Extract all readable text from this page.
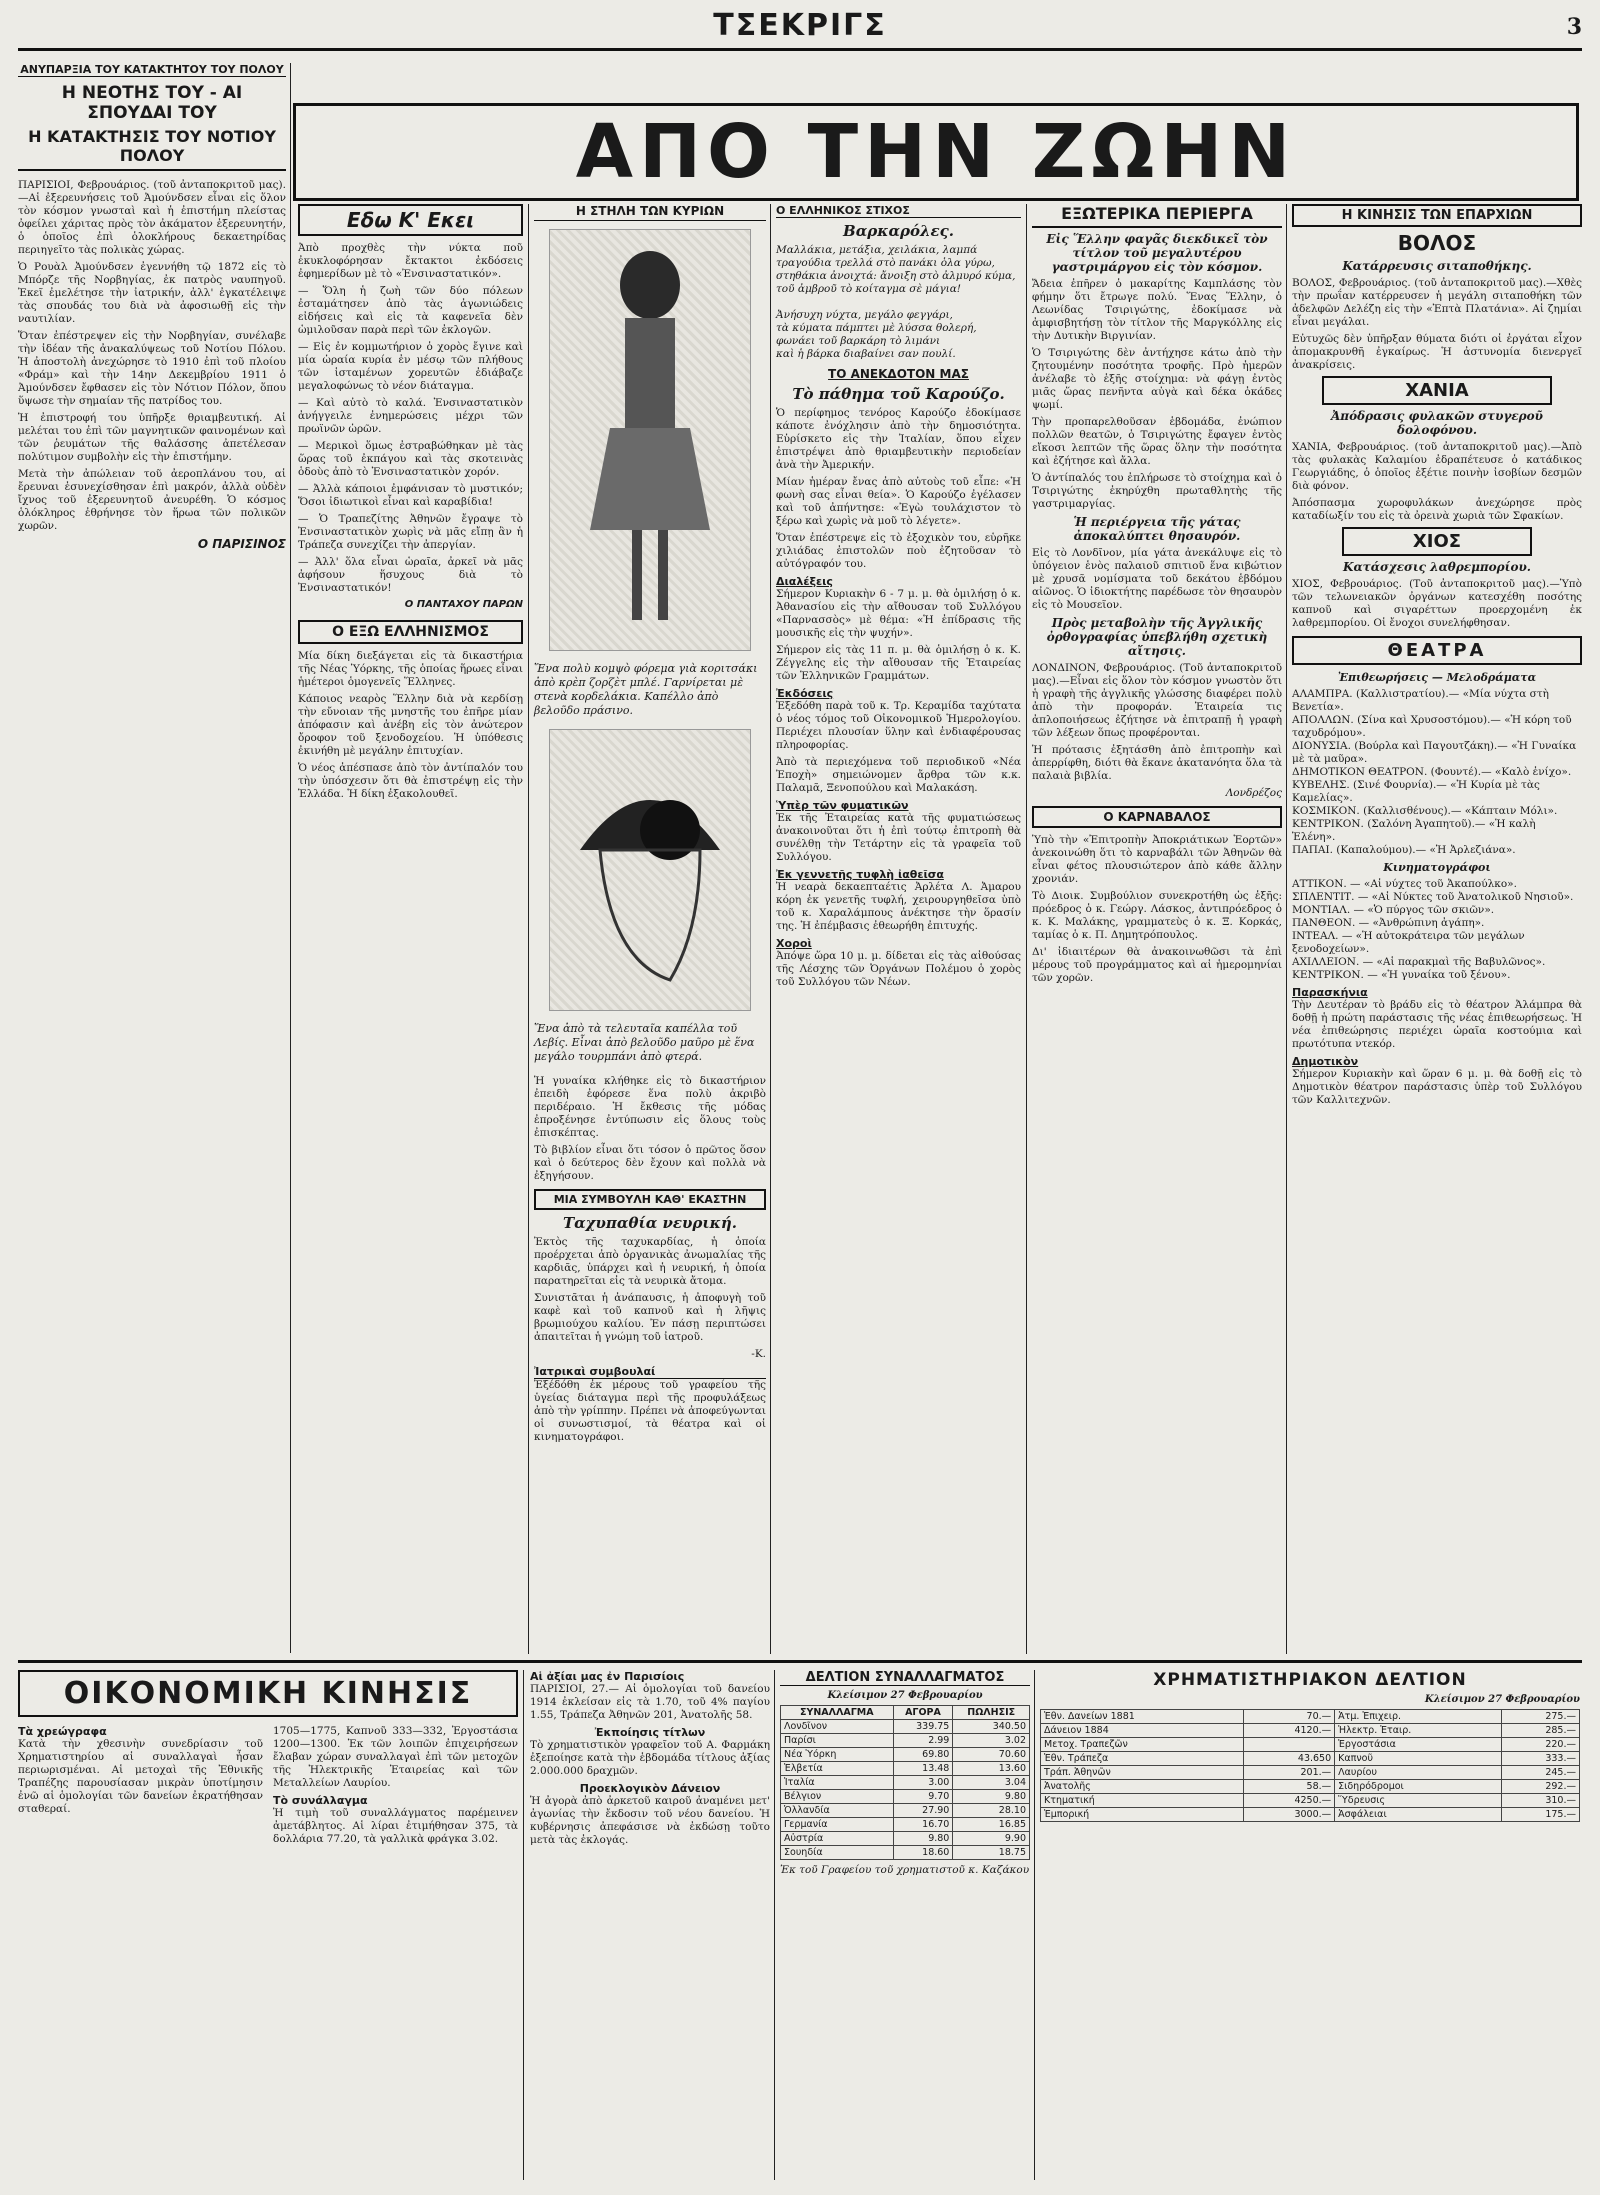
ΤΣΕΚΡΙΓΣ	3
ΑΠΟ ΤΗΝ ΖΩΗΝ
ΑΝΥΠΑΡΞΙΑ ΤΟΥ ΚΑΤΑΚΤΗΤΟΥ ΤΟΥ ΠΟΛΟΥ
Η ΝΕΟΤΗΣ ΤΟΥ - ΑΙ ΣΠΟΥΔΑΙ ΤΟΥ
Η ΚΑΤΑΚΤΗΣΙΣ ΤΟΥ ΝΟΤΙΟΥ ΠΟΛΟΥ

ΠΑΡΙΣΙΟΙ, Φεβρουάριος. (τοῦ ἀνταποκριτοῦ μας).—Αἱ ἐξερευνήσεις τοῦ Ἀμούνδσεν εἶναι εἰς ὅλον τὸν κόσμον γνωσταὶ καὶ ἡ ἐπιστήμη πλείστας ὀφείλει χάριτας πρὸς τὸν ἀκάματον ἐξερευνητήν, ὁ ὁποῖος ἐπὶ ὁλοκλήρους δεκαετηρίδας περιηγεῖτο τὰς πολικὰς χώρας.

Ὁ Ρουὰλ Ἀμούνδσεν ἐγεννήθη τῷ 1872 εἰς τὸ Μπόρζε τῆς Νορβηγίας, ἐκ πατρὸς ναυπηγοῦ. Ἐκεῖ ἐμελέτησε τὴν ἰατρικήν, ἀλλ' ἐγκατέλειψε τὰς σπουδάς του διὰ νὰ ἀφοσιωθῇ εἰς τὴν ναυτιλίαν.

Ὅταν ἐπέστρεψεν εἰς τὴν Νορβηγίαν, συνέλαβε τὴν ἰδέαν τῆς ἀνακαλύψεως τοῦ Νοτίου Πόλου. Ἡ ἀποστολὴ ἀνεχώρησε τὸ 1910 ἐπὶ τοῦ πλοίου «Φράμ» καὶ τὴν 14ην Δεκεμβρίου 1911 ὁ Ἀμούνδσεν ἔφθασεν εἰς τὸν Νότιον Πόλον, ὅπου ὕψωσε τὴν σημαίαν τῆς πατρίδος του.

Ἡ ἐπιστροφή του ὑπῆρξε θριαμβευτική. Αἱ μελέται του ἐπὶ τῶν μαγνητικῶν φαινομένων καὶ τῶν ῥευμάτων τῆς θαλάσσης ἀπετέλεσαν πολύτιμον συμβολὴν εἰς τὴν ἐπιστήμην.

Μετὰ τὴν ἀπώλειαν τοῦ ἀεροπλάνου του, αἱ ἔρευναι ἐσυνεχίσθησαν ἐπὶ μακρόν, ἀλλὰ οὐδὲν ἴχνος τοῦ ἐξερευνητοῦ ἀνευρέθη. Ὁ κόσμος ὁλόκληρος ἐθρήνησε τὸν ἥρωα τῶν πολικῶν χωρῶν.

Ο ΠΑΡΙΣΙΝΟΣ
Εδω Κ' Εκει

Ἀπὸ προχθὲς τὴν νύκτα ποῦ ἐκυκλοφόρησαν ἔκτακτοι ἐκδόσεις ἐφημερίδων μὲ τὸ «Ἐνσιναστατικόν».

— Ὅλη ἡ ζωὴ τῶν δύο πόλεων ἐσταμάτησεν ἀπὸ τὰς ἀγωνιώδεις εἰδήσεις καὶ εἰς τὰ καφενεῖα δὲν ὡμιλοῦσαν παρὰ περὶ τῶν ἐκλογῶν.

— Εἰς ἐν κομμωτήριον ὁ χορὸς ἔγινε καὶ μία ὡραία κυρία ἐν μέσῳ τῶν πλήθους τῶν ἱσταμένων χορευτῶν ἐδιάβαζε μεγαλοφώνως τὸ νέον διάταγμα.

— Καὶ αὐτὸ τὸ καλά. Ἐνσιναστατικὸν ἀνήγγειλε ἐνημερώσεις μέχρι τῶν πρωϊνῶν ὡρῶν.

— Μερικοὶ ὅμως ἐστραβώθηκαν μὲ τὰς ὥρας τοῦ ἐκπάγου καὶ τὰς σκοτεινὰς ὁδοὺς ἀπὸ τὸ Ἐνσιναστατικὸν χορόν.

— Ἀλλὰ κάποιοι ἐμφάνισαν τὸ μυστικόν; Ὅσοι ἰδιωτικοὶ εἶναι καὶ καραβίδια!

— Ὁ Τραπεζίτης Ἀθηνῶν ἔγραψε τὸ Ἐνσιναστατικὸν χωρὶς νὰ μᾶς εἴπῃ ἂν ἡ Τράπεζα συνεχίζει τὴν ἀπεργίαν.

— Ἀλλ' ὅλα εἶναι ὡραῖα, ἀρκεῖ νὰ μᾶς ἀφήσουν ἥσυχους διὰ τὸ Ἐνσιναστατικόν!

Ο ΠΑΝΤΑΧΟΥ ΠΑΡΩΝ
Ο ΕΞΩ ΕΛΛΗΝΙΣΜΟΣ

Μία δίκη διεξάγεται εἰς τὰ δικαστήρια τῆς Νέας Ὑόρκης, τῆς ὁποίας ἥρωες εἶναι ἡμέτεροι ὁμογενεῖς Ἕλληνες.

Κάποιος νεαρὸς Ἕλλην διὰ νὰ κερδίσῃ τὴν εὔνοιαν τῆς μνηστῆς του ἐπῆρε μίαν ἀπόφασιν καὶ ἀνέβη εἰς τὸν ἀνώτερον ὄροφον τοῦ ξενοδοχείου. Ἡ ὑπόθεσις ἐκινήθη μὲ μεγάλην ἐπιτυχίαν.

Ὁ νέος ἀπέσπασε ἀπὸ τὸν ἀντίπαλόν του τὴν ὑπόσχεσιν ὅτι θὰ ἐπιστρέψῃ εἰς τὴν Ἑλλάδα. Ἡ δίκη ἐξακολουθεῖ.

Η ΣΤΗΛΗ ΤΩΝ ΚΥΡΙΩΝ

Ἕνα πολὺ κομψὸ φόρεμα γιὰ κοριτσάκι ἀπὸ κρὲπ ζορζὲτ μπλέ. Γαρνίρεται μὲ στενὰ κορδελάκια. Καπέλλο ἀπὸ βελοῦδο πράσινο.

Ἕνα ἀπὸ τὰ τελευταῖα καπέλλα τοῦ Λεβίς. Εἶναι ἀπὸ βελοῦδο μαῦρο μὲ ἕνα μεγάλο τουρμπάνι ἀπὸ φτερά.

Ἡ γυναίκα κλήθηκε εἰς τὸ δικαστήριον ἐπειδὴ ἐφόρεσε ἕνα πολὺ ἀκριβὸ περιδέραιο. Ἡ ἔκθεσις τῆς μόδας ἐπροξένησε ἐντύπωσιν εἰς ὅλους τοὺς ἐπισκέπτας.

Τὸ βιβλίον εἶναι ὅτι τόσον ὁ πρῶτος ὅσον καὶ ὁ δεύτερος δὲν ἔχουν καὶ πολλὰ νὰ ἐξηγήσουν.

ΜΙΑ ΣΥΜΒΟΥΛΗ ΚΑΘ' ΕΚΑΣΤΗΝ
Ταχυπαθία νευρική.

Ἐκτὸς τῆς ταχυκαρδίας, ἡ ὁποία προέρχεται ἀπὸ ὀργανικὰς ἀνωμαλίας τῆς καρδιᾶς, ὑπάρχει καὶ ἡ νευρική, ἡ ὁποία παρατηρεῖται εἰς τὰ νευρικὰ ἄτομα.

Συνιστᾶται ἡ ἀνάπαυσις, ἡ ἀποφυγὴ τοῦ καφὲ καὶ τοῦ καπνοῦ καὶ ἡ λῆψις βρωμιούχου καλίου. Ἐν πάσῃ περιπτώσει ἀπαιτεῖται ἡ γνώμη τοῦ ἰατροῦ.

-Κ.
Ἰατρικαὶ συμβουλαί

Ἐξέδόθη ἐκ μέρους τοῦ γραφείου τῆς ὑγείας διάταγμα περὶ τῆς προφυλάξεως ἀπὸ τὴν γρίππην. Πρέπει νὰ ἀποφεύγωνται οἱ συνωστισμοί, τὰ θέατρα καὶ οἱ κινηματογράφοι.

Ο ΕΛΛΗΝΙΚΟΣ ΣΤΙΧΟΣ
Βαρκαρόλες.

Μαλλάκια, μετάξια, χειλάκια, λαμπά
τραγούδια τρελλά στὸ πανάκι ὁλα γύρω,
στηθάκια ἀνοιχτά: ἄνοιξη στὸ ἀλμυρό κύμα,
τοῦ ἀμβροῦ τὸ κοίταγμα σὲ μάγια!

Ἀνήσυχη νύχτα, μεγάλο φεγγάρι,
τὰ κύματα πάμπτει μὲ λύσσα θολερή,
φωνάει τοῦ βαρκάρη τὸ λιμάνι
καὶ ἡ βάρκα διαβαίνει σαν πουλί.

ΤΟ ΑΝΕΚΔΟΤΟΝ ΜΑΣ
Τὸ πάθημα τοῦ Καρούζο.

Ὁ περίφημος τενόρος Καρούζο ἐδοκίμασε κάποτε ἐνόχλησιν ἀπὸ τὴν δημοσιότητα. Εὑρίσκετο εἰς τὴν Ἰταλίαν, ὅπου εἶχεν ἐπιστρέψει ἀπὸ θριαμβευτικὴν περιοδείαν ἀνὰ τὴν Ἀμερικήν.

Μίαν ἡμέραν ἔνας ἀπὸ αὐτοὺς τοῦ εἶπε: «Ἡ φωνὴ σας εἶναι θεία». Ὁ Καρούζο ἐγέλασεν καὶ τοῦ ἀπήντησε: «Ἐγὼ τουλάχιστον τὸ ξέρω καὶ χωρὶς νὰ μοῦ τὸ λέγετε».

Ὅταν ἐπέστρεψε εἰς τὸ ἐξοχικὸν του, εὑρῆκε χιλιάδας ἐπιστολῶν ποὺ ἐζητοῦσαν τὸ αὐτόγραφόν του.

Διαλέξεις

Σήμερον Κυριακὴν 6 - 7 μ. μ. θὰ ὁμιλήσῃ ὁ κ. Ἀθανασίου εἰς τὴν αἴθουσαν τοῦ Συλλόγου «Παρνασσὸς» μὲ θέμα: «Ἡ ἐπίδρασις τῆς μουσικῆς εἰς τὴν ψυχήν».

Σήμερον εἰς τὰς 11 π. μ. θὰ ὁμιλήσῃ ὁ κ. Κ. Ζέγγελης εἰς τὴν αἴθουσαν τῆς Ἑταιρείας τῶν Ἑλληνικῶν Γραμμάτων.

Ἐκδόσεις

Ἐξεδόθη παρὰ τοῦ κ. Τρ. Κεραμίδα ταχύτατα ὁ νέος τόμος τοῦ Οἰκονομικοῦ Ἡμερολογίου. Περιέχει πλουσίαν ὕλην καὶ ἐνδιαφέρουσας πληροφορίας.

Ἀπὸ τὰ περιεχόμενα τοῦ περιοδικοῦ «Νέα Ἐποχὴ» σημειώνομεν ἄρθρα τῶν κ.κ. Παλαμᾶ, Ξενοπούλου καὶ Μαλακάση.

Ὑπὲρ τῶν φυματικῶν

Ἐκ τῆς Ἐταιρείας κατὰ τῆς φυματιώσεως ἀνακοινοῦται ὅτι ἡ ἐπὶ τούτῳ ἐπιτροπὴ θὰ συνέλθῃ τὴν Τετάρτην εἰς τὰ γραφεῖα τοῦ Συλλόγου.

Ἐκ γεννετῆς τυφλὴ ἰαθεῖσα

Ἡ νεαρὰ δεκαεπταέτις Ἀρλέτα Λ. Ἀμαρου κόρη ἐκ γενετῆς τυφλή, χειρουργηθεῖσα ὑπὸ τοῦ κ. Χαραλάμπους ἀνέκτησε τὴν ὅρασίν της. Ἡ ἐπέμβασις ἐθεωρήθη ἐπιτυχής.

Χοροὶ

Ἀπόψε ὥρα 10 μ. μ. δίδεται εἰς τὰς αἰθούσας τῆς Λέσχης τῶν Ὀργάνων Πολέμου ὁ χορὸς τοῦ Συλλόγου τῶν Νέων.

ΕΞΩΤΕΡΙΚΑ ΠΕΡΙΕΡΓΑ
Εἰς Ἕλλην φαγᾶς διεκδικεῖ τὸν τίτλον τοῦ μεγαλυτέρου γαστριμάργου εἰς τὸν κόσμον.

Ἄδεια ἐπῆρεν ὁ μακαρίτης Καμπλάσης τὸν φήμην ὅτι ἔτρωγε πολύ. Ἕνας Ἕλλην, ὁ Λεωνίδας Τσιριγώτης, ἐδοκίμασε νὰ ἀμφισβητήσῃ τὸν τίτλον τῆς Μαργκόλλης εἰς τὴν Δυτικὴν Βιργινίαν.

Ὁ Τσιριγώτης δὲν ἀντήχησε κάτω ἀπὸ τὴν ζητουμένην ποσότητα τροφῆς. Πρὸ ἡμερῶν ἀνέλαβε τὸ ἑξῆς στοίχημα: νὰ φάγῃ ἐντὸς μιᾶς ὥρας πενῆντα αὐγὰ καὶ δέκα ὀκάδες ψωμί.

Τὴν προπαρελθοῦσαν ἑβδομάδα, ἐνώπιον πολλῶν θεατῶν, ὁ Τσιριγώτης ἔφαγεν ἐντὸς εἴκοσι λεπτῶν τῆς ὥρας ὅλην τὴν ποσότητα καὶ ἐζήτησε καὶ ἄλλα.

Ὁ ἀντίπαλός του ἐπλήρωσε τὸ στοίχημα καὶ ὁ Τσιριγώτης ἐκηρύχθη πρωταθλητὴς τῆς γαστριμαργίας.

Ἡ περιέργεια τῆς γάτας ἀποκαλύπτει θησαυρόν.

Εἰς τὸ Λονδῖνον, μία γάτα ἀνεκάλυψε εἰς τὸ ὑπόγειον ἑνὸς παλαιοῦ σπιτιοῦ ἕνα κιβώτιον μὲ χρυσᾶ νομίσματα τοῦ δεκάτου ἑβδόμου αἰῶνος. Ὁ ἰδιοκτήτης παρέδωσε τὸν θησαυρὸν εἰς τὸ Μουσεῖον.

Πρὸς μεταβολὴν τῆς Ἀγγλικῆς ὀρθογραφίας ὑπεβλήθη σχετικὴ αἴτησις.

ΛΟΝΔΙΝΟΝ, Φεβρουάριος. (Τοῦ ἀνταποκριτοῦ μας).—Εἶναι εἰς ὅλον τὸν κόσμον γνωστὸν ὅτι ἡ γραφὴ τῆς ἀγγλικῆς γλώσσης διαφέρει πολὺ ἀπὸ τὴν προφοράν. Ἑταιρεία τις ἀπλοποιήσεως ἐζήτησε νὰ ἐπιτραπῇ ἡ γραφὴ τῶν λέξεων ὅπως προφέρονται.

Ἡ πρότασις ἐξητάσθη ἀπὸ ἐπιτροπὴν καὶ ἀπερρίφθη, διότι θὰ ἔκανε ἀκατανόητα ὅλα τὰ παλαιὰ βιβλία.

Λονδρέζος
Ο ΚΑΡΝΑΒΑΛΟΣ

Ὑπὸ τὴν «Ἐπιτροπὴν Ἀποκριάτικων Ἑορτῶν» ἀνεκοινώθη ὅτι τὸ καρναβάλι τῶν Ἀθηνῶν θὰ εἶναι φέτος πλουσιώτερον ἀπὸ κάθε ἄλλην χρονιάν.

Τὸ Διοικ. Συμβούλιον συνεκροτήθη ὡς ἑξῆς: πρόεδρος ὁ κ. Γεώργ. Λάσκος, ἀντιπρόεδρος ὁ κ. Κ. Μαλάκης, γραμματεὺς ὁ κ. Ξ. Κορκάς, ταμίας ὁ κ. Π. Δημητρόπουλος.

Δι' ἰδιαιτέρων θὰ ἀνακοινωθῶσι τὰ ἐπὶ μέρους τοῦ προγράμματος καὶ αἱ ἡμερομηνίαι τῶν χορῶν.

Η ΚΙΝΗΣΙΣ ΤΩΝ ΕΠΑΡΧΙΩΝ
ΒΟΛΟΣ
Κατάρρευσις σιταποθήκης.

ΒΟΛΟΣ, Φεβρουάριος. (τοῦ ἀνταποκριτοῦ μας).—Χθὲς τὴν πρωΐαν κατέρρευσεν ἡ μεγάλη σιταποθήκη τῶν ἀδελφῶν Δελέζη εἰς τὴν «Ἐπτὰ Πλατάνια». Αἱ ζημίαι εἶναι μεγάλαι.

Εὐτυχῶς δὲν ὑπῆρξαν θύματα διότι οἱ ἐργάται εἶχον ἀπομακρυνθῆ ἐγκαίρως. Ἡ ἀστυνομία διενεργεῖ ἀνακρίσεις.

ΧΑΝΙΑ
Ἀπόδρασις φυλακῶν στυγεροῦ δολοφόνου.

ΧΑΝΙΑ, Φεβρουάριος. (τοῦ ἀνταποκριτοῦ μας).—Ἀπὸ τὰς φυλακὰς Καλαμίου ἐδραπέτευσε ὁ κατάδικος Γεωργιάδης, ὁ ὁποῖος ἐξέτιε ποινὴν ἰσοβίων δεσμῶν διὰ φόνον.

Ἀπόσπασμα χωροφυλάκων ἀνεχώρησε πρὸς καταδίωξίν του εἰς τὰ ὀρεινὰ χωριὰ τῶν Σφακίων.

ΧΙΟΣ
Κατάσχεσις λαθρεμπορίου.

ΧΙΟΣ, Φεβρουάριος. (Τοῦ ἀνταποκριτοῦ μας).—Ὑπὸ τῶν τελωνειακῶν ὀργάνων κατεσχέθη ποσότης καπνοῦ καὶ σιγαρέττων προερχομένη ἐκ λαθρεμπορίου. Οἱ ἔνοχοι συνελήφθησαν.

ΘΕΑΤΡΑ
Ἐπιθεωρήσεις — Μελοδράματα
ΑΛΑΜΠΡΑ. (Καλλιστρατίου).— «Μία νύχτα στὴ Βενετία».
ΑΠΟΛΛΩΝ. (Σίνα καὶ Χρυσοστόμου).— «Ἡ κόρη τοῦ ταχυδρόμου».
ΔΙΟΝΥΣΙΑ. (Βούρλα καὶ Παγουτζάκη).— «Ἡ Γυναίκα μὲ τὰ μαῦρα».
ΔΗΜΟΤΙΚΟΝ ΘΕΑΤΡΟΝ. (Φουντέ).— «Καλὸ ἐνίχο».
ΚΥΒΕΛΗΣ. (Σινέ Φουρνία).— «Ἡ Κυρία μὲ τὰς Καμελίας».
ΚΟΣΜΙΚΟΝ. (Καλλισθένους).— «Κάπταιν Μόλι».
ΚΕΝΤΡΙΚΟΝ. (Σαλόνη Ἀγαπητοῦ).— «Ἡ καλὴ Ἑλένη».
ΠΑΠΑΙ. (Καπαλούμου).— «Ἡ Ἀρλεζιάνα».
Κινηματογράφοι
ΑΤΤΙΚΟΝ. — «Αἱ νύχτες τοῦ Ἀκαπούλκο».
ΣΠΛΕΝΤΙΤ. — «Αἱ Νύκτες τοῦ Ἀνατολικοῦ Νησιοῦ».
ΜΟΝΤΙΑΛ. — «Ὁ πύργος τῶν σκιῶν».
ΠΑΝΘΕΟΝ. — «Ἀνθρώπινη ἀγάπη».
ΙΝΤΕΑΛ. — «Ἡ αὐτοκράτειρα τῶν μεγάλων ξενοδοχείων».
ΑΧΙΛΛΕΙΟΝ. — «Αἱ παρακμαὶ τῆς Βαβυλῶνος».
ΚΕΝΤΡΙΚΟΝ. — «Ἡ γυναίκα τοῦ ξένου».
Παρασκήνια

Τὴν Δευτέραν τὸ βράδυ εἰς τὸ θέατρον Ἀλάμπρα θὰ δοθῇ ἡ πρώτη παράστασις τῆς νέας ἐπιθεωρήσεως. Ἡ νέα ἐπιθεώρησις περιέχει ὡραῖα κοστούμια καὶ πρωτότυπα ντεκόρ.

Δημοτικὸν

Σήμερον Κυριακὴν καὶ ὥραν 6 μ. μ. θὰ δοθῇ εἰς τὸ Δημοτικὸν θέατρον παράστασις ὑπὲρ τοῦ Συλλόγου τῶν Καλλιτεχνῶν.

ΟΙΚΟΝΟΜΙΚΗ ΚΙΝΗΣΙΣ
Τὰ χρεώγραφα

Κατὰ τὴν χθεσινὴν συνεδρίασιν τοῦ Χρηματιστηρίου αἱ συναλλαγαὶ ἦσαν περιωρισμέναι. Αἱ μετοχαὶ τῆς Ἐθνικῆς Τραπέζης παρουσίασαν μικρὰν ὑποτίμησιν ἐνῶ αἱ ὁμολογίαι τῶν δανείων ἐκρατήθησαν σταθεραί.

1705—1775, Καπνοῦ 333—332, Ἐργοστάσια 1200—1300. Ἐκ τῶν λοιπῶν ἐπιχειρήσεων ἔλαβαν χώραν συναλλαγαὶ ἐπὶ τῶν μετοχῶν τῆς Ἠλεκτρικῆς Ἑταιρείας καὶ τῶν Μεταλλείων Λαυρίου.

Τὸ συνάλλαγμα

Ἡ τιμὴ τοῦ συναλλάγματος παρέμεινεν ἀμετάβλητος. Αἱ λίραι ἐτιμήθησαν 375, τὰ δολλάρια 77.20, τὰ γαλλικὰ φράγκα 3.02.

Αἱ ἀξίαι μας ἐν Παρισίοις

ΠΑΡΙΣΙΟΙ, 27.— Αἱ ὁμολογίαι τοῦ δανείου 1914 ἐκλείσαν εἰς τὰ 1.70, τοῦ 4% παγίου 1.55, Τράπεζα Ἀθηνῶν 201, Ἀνατολῆς 58.

Ἐκποίησις τίτλων

Τὸ χρηματιστικὸν γραφεῖον τοῦ Α. Φαρμάκη ἐξεποίησε κατὰ τὴν ἑβδομάδα τίτλους ἀξίας 2.000.000 δραχμῶν.

Προεκλογικὸν Δάνειον

Ἡ ἀγορὰ ἀπὸ ἀρκετοῦ καιροῦ ἀναμένει μετ' ἀγωνίας τὴν ἔκδοσιν τοῦ νέου δανείου. Ἡ κυβέρνησις ἀπεφάσισε νὰ ἐκδώσῃ τοῦτο μετὰ τὰς ἐκλογάς.

ΔΕΛΤΙΟΝ ΣΥΝΑΛΛΑΓΜΑΤΟΣ
Κλείσιμον 27 Φεβρουαρίου
ΣΥΝΑΛΛΑΓΜΑ	ΑΓΟΡΑ	ΠΩΛΗΣΙΣ
Λονδῖνον	339.75	340.50
Παρίσι	2.99	3.02
Νέα Ὑόρκη	69.80	70.60
Ἑλβετία	13.48	13.60
Ἰταλία	3.00	3.04
Βέλγιον	9.70	9.80
Ὀλλανδία	27.90	28.10
Γερμανία	16.70	16.85
Αὐστρία	9.80	9.90
Σουηδία	18.60	18.75
Ἐκ τοῦ Γραφείου τοῦ χρηματιστοῦ κ. Καζάκου
ΧΡΗΜΑΤΙΣΤΗΡΙΑΚΟΝ ΔΕΛΤΙΟΝ
Κλείσιμον 27 Φεβρουαρίου
Ἐθν. Δανείων 1881	70.—	Ἀτμ. Ἐπιχειρ.	275.—
Δάνειον 1884	4120.—	Ἠλεκτρ. Ἑταιρ.	285.—
Μετοχ. Τραπεζῶν		Ἐργοστάσια	220.—
Ἐθν. Τράπεζα	43.650	Καπνοῦ	333.—
Τράπ. Ἀθηνῶν	201.—	Λαυρίου	245.—
Ἀνατολῆς	58.—	Σιδηρόδρομοι	292.—
Κτηματική	4250.—	Ὕδρευσις	310.—
Ἐμπορική	3000.—	Ἀσφάλειαι	175.—
